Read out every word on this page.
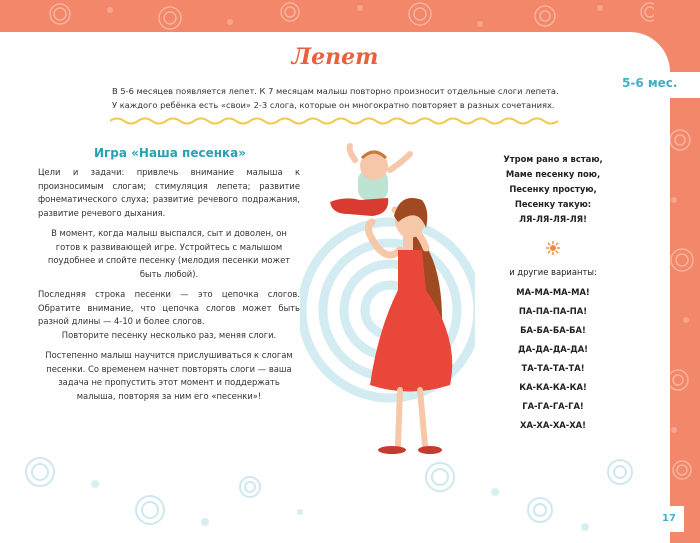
5-6 мес.
Лепет
В 5-6 месяцев появляется лепет. К 7 месяцам малыш повторно произносит отдельные слоги лепета.
У каждого ребёнка есть «свои» 2-3 слога, которые он многократно повторяет в разных сочетаниях.
Игра «Наша песенка»

Цели и задачи: привлечь внимание малыша к произносимым слогам; стимуляция лепета; развитие фонематического слуха; развитие речевого подражания, развитие речевого дыхания.

В момент, когда малыш выспался, сыт и доволен, он готов к развивающей игре. Устройтесь с малышом поудобнее и спойте песенку (мелодия песенки может быть любой).

Последняя строка песенки — это цепочка слогов. Обратите внимание, что цепочка слогов может быть разной длины — 4-10 и более слогов.
Повторите песенку несколько раз, меняя слоги.

Постепенно малыш научится прислушиваться к слогам песенки. Со временем начнет повторять слоги — ваша задача не пропустить этот момент и поддержать малыша, повторяя за ним его «песенки»!

Утром рано я встаю,
Маме песенку пою,
Песенку простую,
Песенку такую:
ЛЯ-ЛЯ-ЛЯ-ЛЯ!
и другие варианты:
МА-МА-МА-МА!
ПА-ПА-ПА-ПА!
БА-БА-БА-БА!
ДА-ДА-ДА-ДА!
ТА-ТА-ТА-ТА!
КА-КА-КА-КА!
ГА-ГА-ГА-ГА!
ХА-ХА-ХА-ХА!
17
